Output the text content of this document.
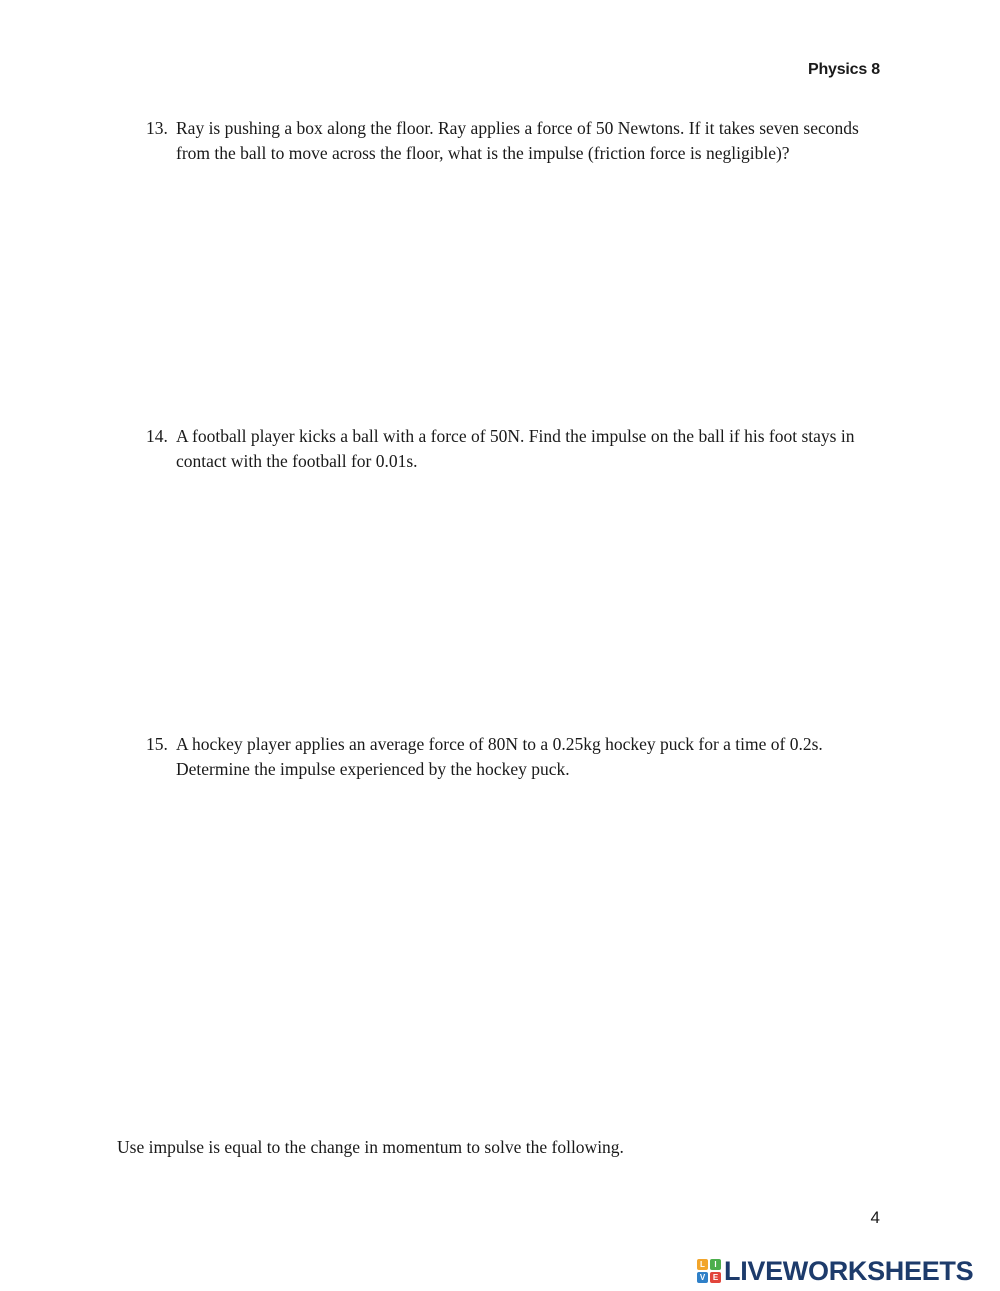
Physics 8
13. Ray is pushing a box along the floor. Ray applies a force of 50 Newtons. If it takes seven seconds from the ball to move across the floor, what is the impulse (friction force is negligible)?
14. A football player kicks a ball with a force of 50N. Find the impulse on the ball if his foot stays in contact with the football for 0.01s.
15. A hockey player applies an average force of 80N to a 0.25kg hockey puck for a time of 0.2s. Determine the impulse experienced by the hockey puck.
Use impulse is equal to the change in momentum to solve the following.
4
L	I
V E LIVEWORKSHEETS
